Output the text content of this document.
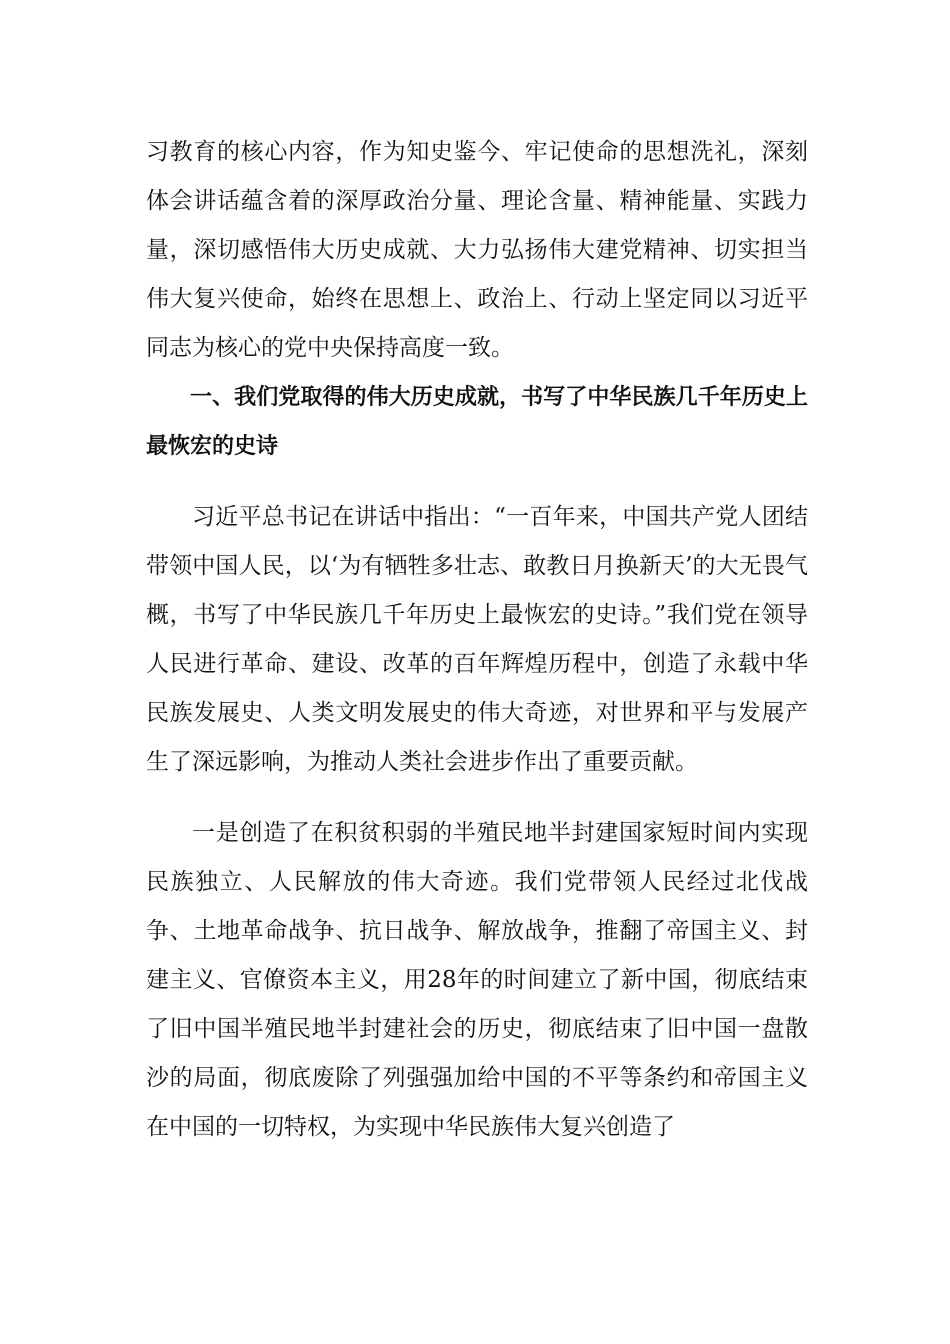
习教育的核心内容，作为知史鉴今、牢记使命的思想洗礼，深刻体会讲话蕴含着的深厚政治分量、理论含量、精神能量、实践力量，深切感悟伟大历史成就、大力弘扬伟大建党精神、切实担当伟大复兴使命，始终在思想上、政治上、行动上坚定同以习近平同志为核心的党中央保持高度一致。

一、我们党取得的伟大历史成就，书写了中华民族几千年历史上最恢宏的史诗

习近平总书记在讲话中指出：“一百年来，中国共产党人团结带领中国人民，以‘为有牺牲多壮志、敢教日月换新天’的大无畏气概，书写了中华民族几千年历史上最恢宏的史诗。”我们党在领导人民进行革命、建设、改革的百年辉煌历程中，创造了永载中华民族发展史、人类文明发展史的伟大奇迹，对世界和平与发展产生了深远影响，为推动人类社会进步作出了重要贡献。

一是创造了在积贫积弱的半殖民地半封建国家短时间内实现民族独立、人民解放的伟大奇迹。我们党带领人民经过北伐战争、土地革命战争、抗日战争、解放战争，推翻了帝国主义、封建主义、官僚资本主义，用28年的时间建立了新中国，彻底结束了旧中国半殖民地半封建社会的历史，彻底结束了旧中国一盘散沙的局面，彻底废除了列强强加给中国的不平等条约和帝国主义在中国的一切特权，为实现中华民族伟大复兴创造了
